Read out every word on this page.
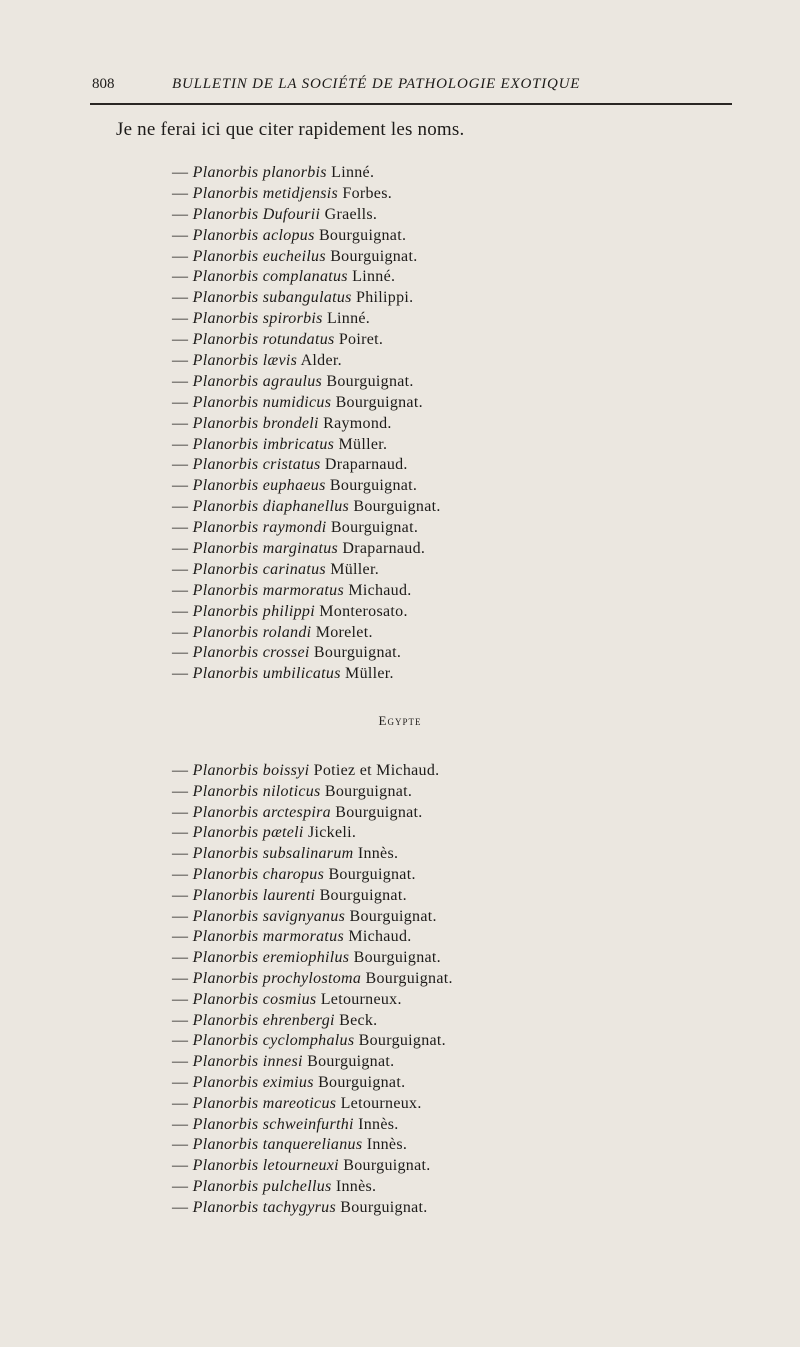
808	BULLETIN DE LA SOCIÉTÉ DE PATHOLOGIE EXOTIQUE
Je ne ferai ici que citer rapidement les noms.
— Planorbis planorbis Linné.
— Planorbis metidjensis Forbes.
— Planorbis Dufourii Graells.
— Planorbis aclopus Bourguignat.
— Planorbis eucheilus Bourguignat.
— Planorbis complanatus Linné.
— Planorbis subangulatus Philippi.
— Planorbis spirorbis Linné.
— Planorbis rotundatus Poiret.
— Planorbis lævis Alder.
— Planorbis agraulus Bourguignat.
— Planorbis numidicus Bourguignat.
— Planorbis brondeli Raymond.
— Planorbis imbricatus Müller.
— Planorbis cristatus Draparnaud.
— Planorbis euphaeus Bourguignat.
— Planorbis diaphanellus Bourguignat.
— Planorbis raymondi Bourguignat.
— Planorbis marginatus Draparnaud.
— Planorbis carinatus Müller.
— Planorbis marmoratus Michaud.
— Planorbis philippi Monterosato.
— Planorbis rolandi Morelet.
— Planorbis crossei Bourguignat.
— Planorbis umbilicatus Müller.
Egypte
— Planorbis boissyi Potiez et Michaud.
— Planorbis niloticus Bourguignat.
— Planorbis arctespira Bourguignat.
— Planorbis pæteli Jickeli.
— Planorbis subsalinarum Innès.
— Planorbis charopus Bourguignat.
— Planorbis laurenti Bourguignat.
— Planorbis savignyanus Bourguignat.
— Planorbis marmoratus Michaud.
— Planorbis eremiophilus Bourguignat.
— Planorbis prochylostoma Bourguignat.
— Planorbis cosmius Letourneux.
— Planorbis ehrenbergi Beck.
— Planorbis cyclomphalus Bourguignat.
— Planorbis innesi Bourguignat.
— Planorbis eximius Bourguignat.
— Planorbis mareoticus Letourneux.
— Planorbis schweinfurthi Innès.
— Planorbis tanquerelianus Innès.
— Planorbis letourneuxi Bourguignat.
— Planorbis pulchellus Innès.
— Planorbis tachygyrus Bourguignat.
